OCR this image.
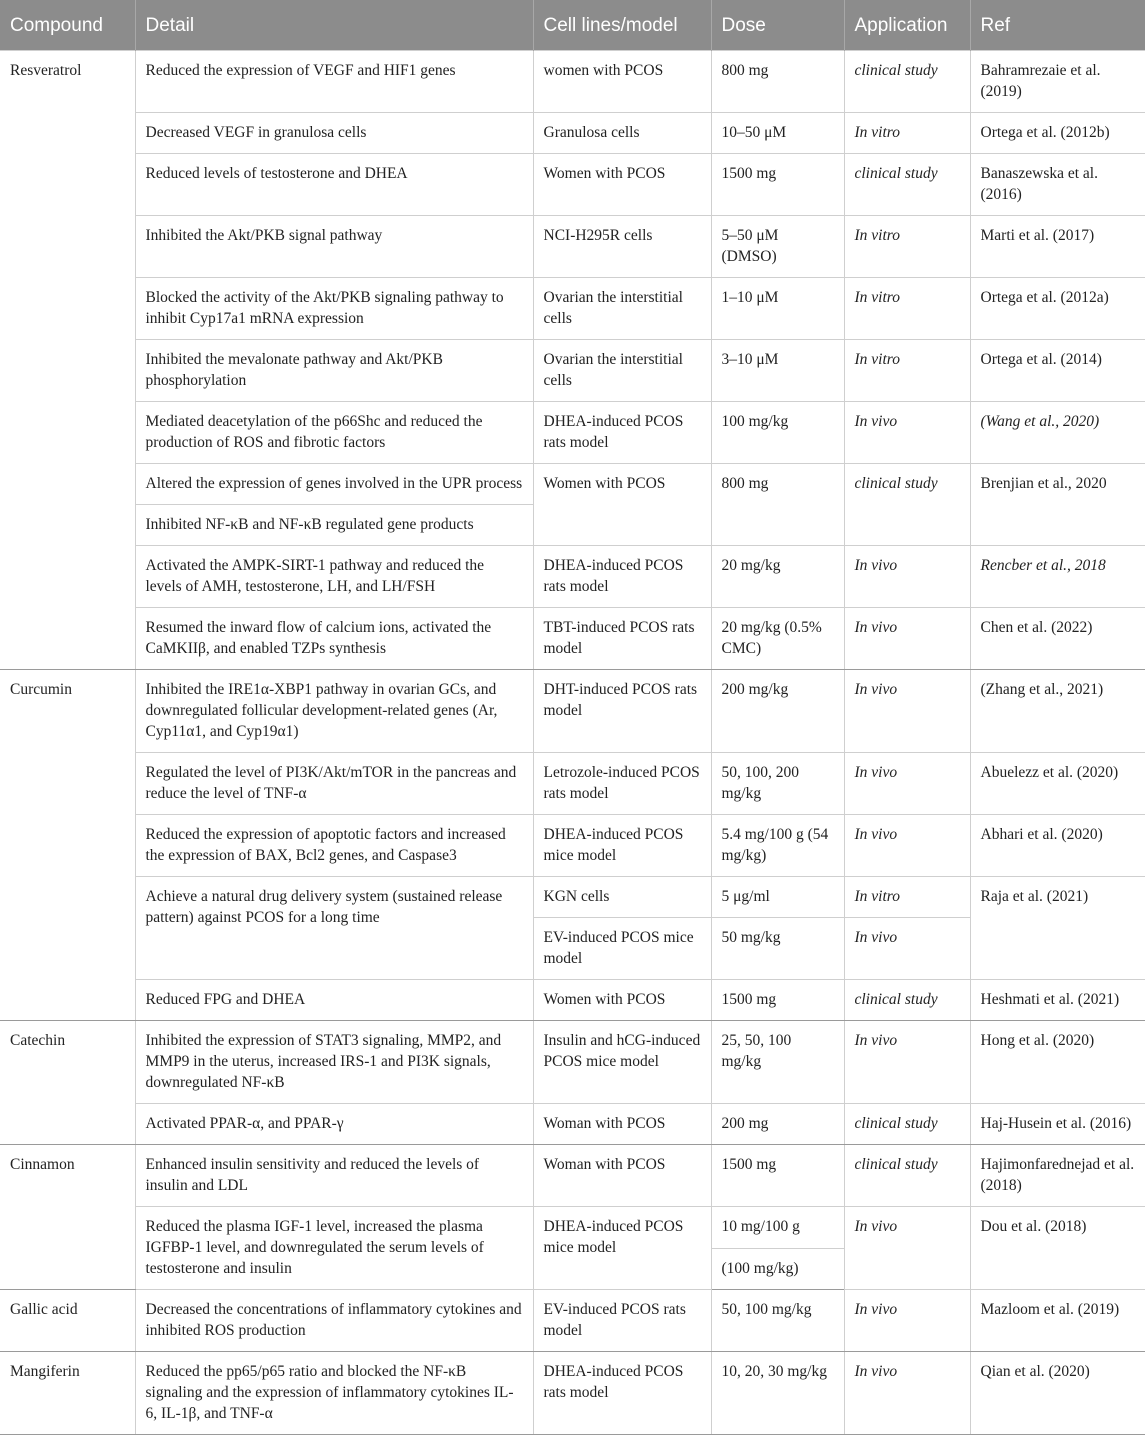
Compound	Detail	Cell lines/model	Dose	Application	Ref
Resveratrol	Reduced the expression of VEGF and HIF1 genes	women with PCOS	800 mg	clinical study	Bahramrezaie et al. (2019)
	Decreased VEGF in granulosa cells	Granulosa cells	10–50 μM	In vitro	Ortega et al. (2012b)
	Reduced levels of testosterone and DHEA	Women with PCOS	1500 mg	clinical study	Banaszewska et al. (2016)
	Inhibited the Akt/PKB signal pathway	NCI-H295R cells	5–50 μM (DMSO)	In vitro	Marti et al. (2017)
	Blocked the activity of the Akt/PKB signaling pathway to inhibit Cyp17a1 mRNA expression	Ovarian the interstitial cells	1–10 μM	In vitro	Ortega et al. (2012a)
	Inhibited the mevalonate pathway and Akt/PKB phosphorylation	Ovarian the interstitial cells	3–10 μM	In vitro	Ortega et al. (2014)
	Mediated deacetylation of the p66Shc and reduced the production of ROS and fibrotic factors	DHEA-induced PCOS rats model	100 mg/kg	In vivo	(Wang et al., 2020)
	Altered the expression of genes involved in the UPR process	Women with PCOS	800 mg	clinical study	Brenjian et al., 2020
	Inhibited NF-κB and NF-κB regulated gene products				
	Activated the AMPK-SIRT-1 pathway and reduced the levels of AMH, testosterone, LH, and LH/FSH	DHEA-induced PCOS rats model	20 mg/kg	In vivo	Rencber et al., 2018
	Resumed the inward flow of calcium ions, activated the CaMKIIβ, and enabled TZPs synthesis	TBT-induced PCOS rats model	20 mg/kg (0.5% CMC)	In vivo	Chen et al. (2022)
Curcumin	Inhibited the IRE1α-XBP1 pathway in ovarian GCs, and downregulated follicular development-related genes (Ar, Cyp11α1, and Cyp19α1)	DHT-induced PCOS rats model	200 mg/kg	In vivo	(Zhang et al., 2021)
	Regulated the level of PI3K/Akt/mTOR in the pancreas and reduce the level of TNF-α	Letrozole-induced PCOS rats model	50, 100, 200 mg/kg	In vivo	Abuelezz et al. (2020)
	Reduced the expression of apoptotic factors and increased the expression of BAX, Bcl2 genes, and Caspase3	DHEA-induced PCOS mice model	5.4 mg/100 g (54 mg/kg)	In vivo	Abhari et al. (2020)
	Achieve a natural drug delivery system (sustained release pattern) against PCOS for a long time	KGN cells	5 μg/ml	In vitro	Raja et al. (2021)
		EV-induced PCOS mice model	50 mg/kg	In vivo	
	Reduced FPG and DHEA	Women with PCOS	1500 mg	clinical study	Heshmati et al. (2021)
Catechin	Inhibited the expression of STAT3 signaling, MMP2, and MMP9 in the uterus, increased IRS-1 and PI3K signals, downregulated NF-κB	Insulin and hCG-induced PCOS mice model	25, 50, 100 mg/kg	In vivo	Hong et al. (2020)
	Activated PPAR-α, and PPAR-γ	Woman with PCOS	200 mg	clinical study	Haj-Husein et al. (2016)
Cinnamon	Enhanced insulin sensitivity and reduced the levels of insulin and LDL	Woman with PCOS	1500 mg	clinical study	Hajimonfarednejad et al. (2018)
	Reduced the plasma IGF-1 level, increased the plasma IGFBP-1 level, and downregulated the serum levels of testosterone and insulin	DHEA-induced PCOS mice model	10 mg/100 g	In vivo	Dou et al. (2018)
			(100 mg/kg)		
Gallic acid	Decreased the concentrations of inflammatory cytokines and inhibited ROS production	EV-induced PCOS rats model	50, 100 mg/kg	In vivo	Mazloom et al. (2019)
Mangiferin	Reduced the pp65/p65 ratio and blocked the NF-κB signaling and the expression of inflammatory cytokines IL-6, IL-1β, and TNF-α	DHEA-induced PCOS rats model	10, 20, 30 mg/kg	In vivo	Qian et al. (2020)
